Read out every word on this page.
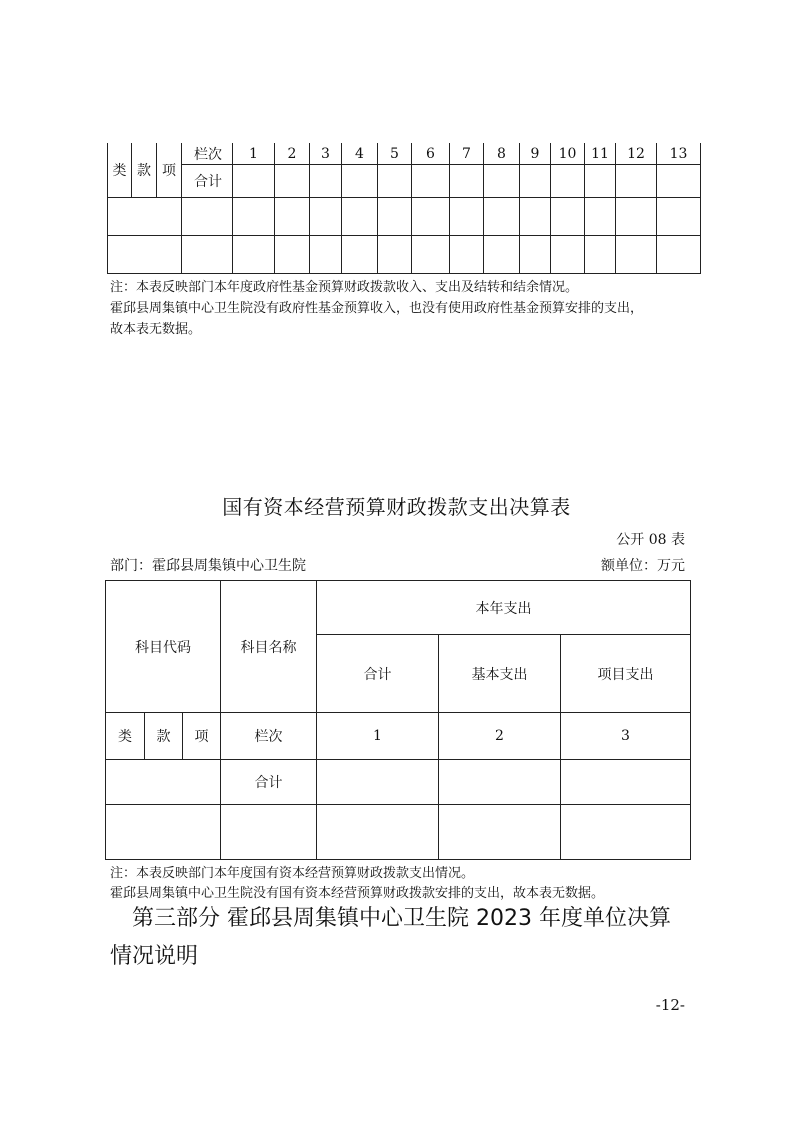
类	款	项	栏次	1	2	3	4	5	6	7	8	9	10	11	12	13
			合计													

注：本表反映部门本年度政府性基金预算财政拨款收入、支出及结转和结余情况。
霍邱县周集镇中心卫生院没有政府性基金预算收入，也没有使用政府性基金预算安排的支出，
故本表无数据。
国有资本经营预算财政拨款支出决算表
公开 08 表
部门：霍邱县周集镇中心卫生院	额单位：万元
科目代码			科目名称	本年支出		
				合计	基本支出	项目支出
类	款	项	栏次	1	2	3
			合计			

注：本表反映部门本年度国有资本经营预算财政拨款支出情况。
霍邱县周集镇中心卫生院没有国有资本经营预算财政拨款安排的支出，故本表无数据。
第三部分 霍邱县周集镇中心卫生院 2023 年度单位决算
情况说明
-12-
